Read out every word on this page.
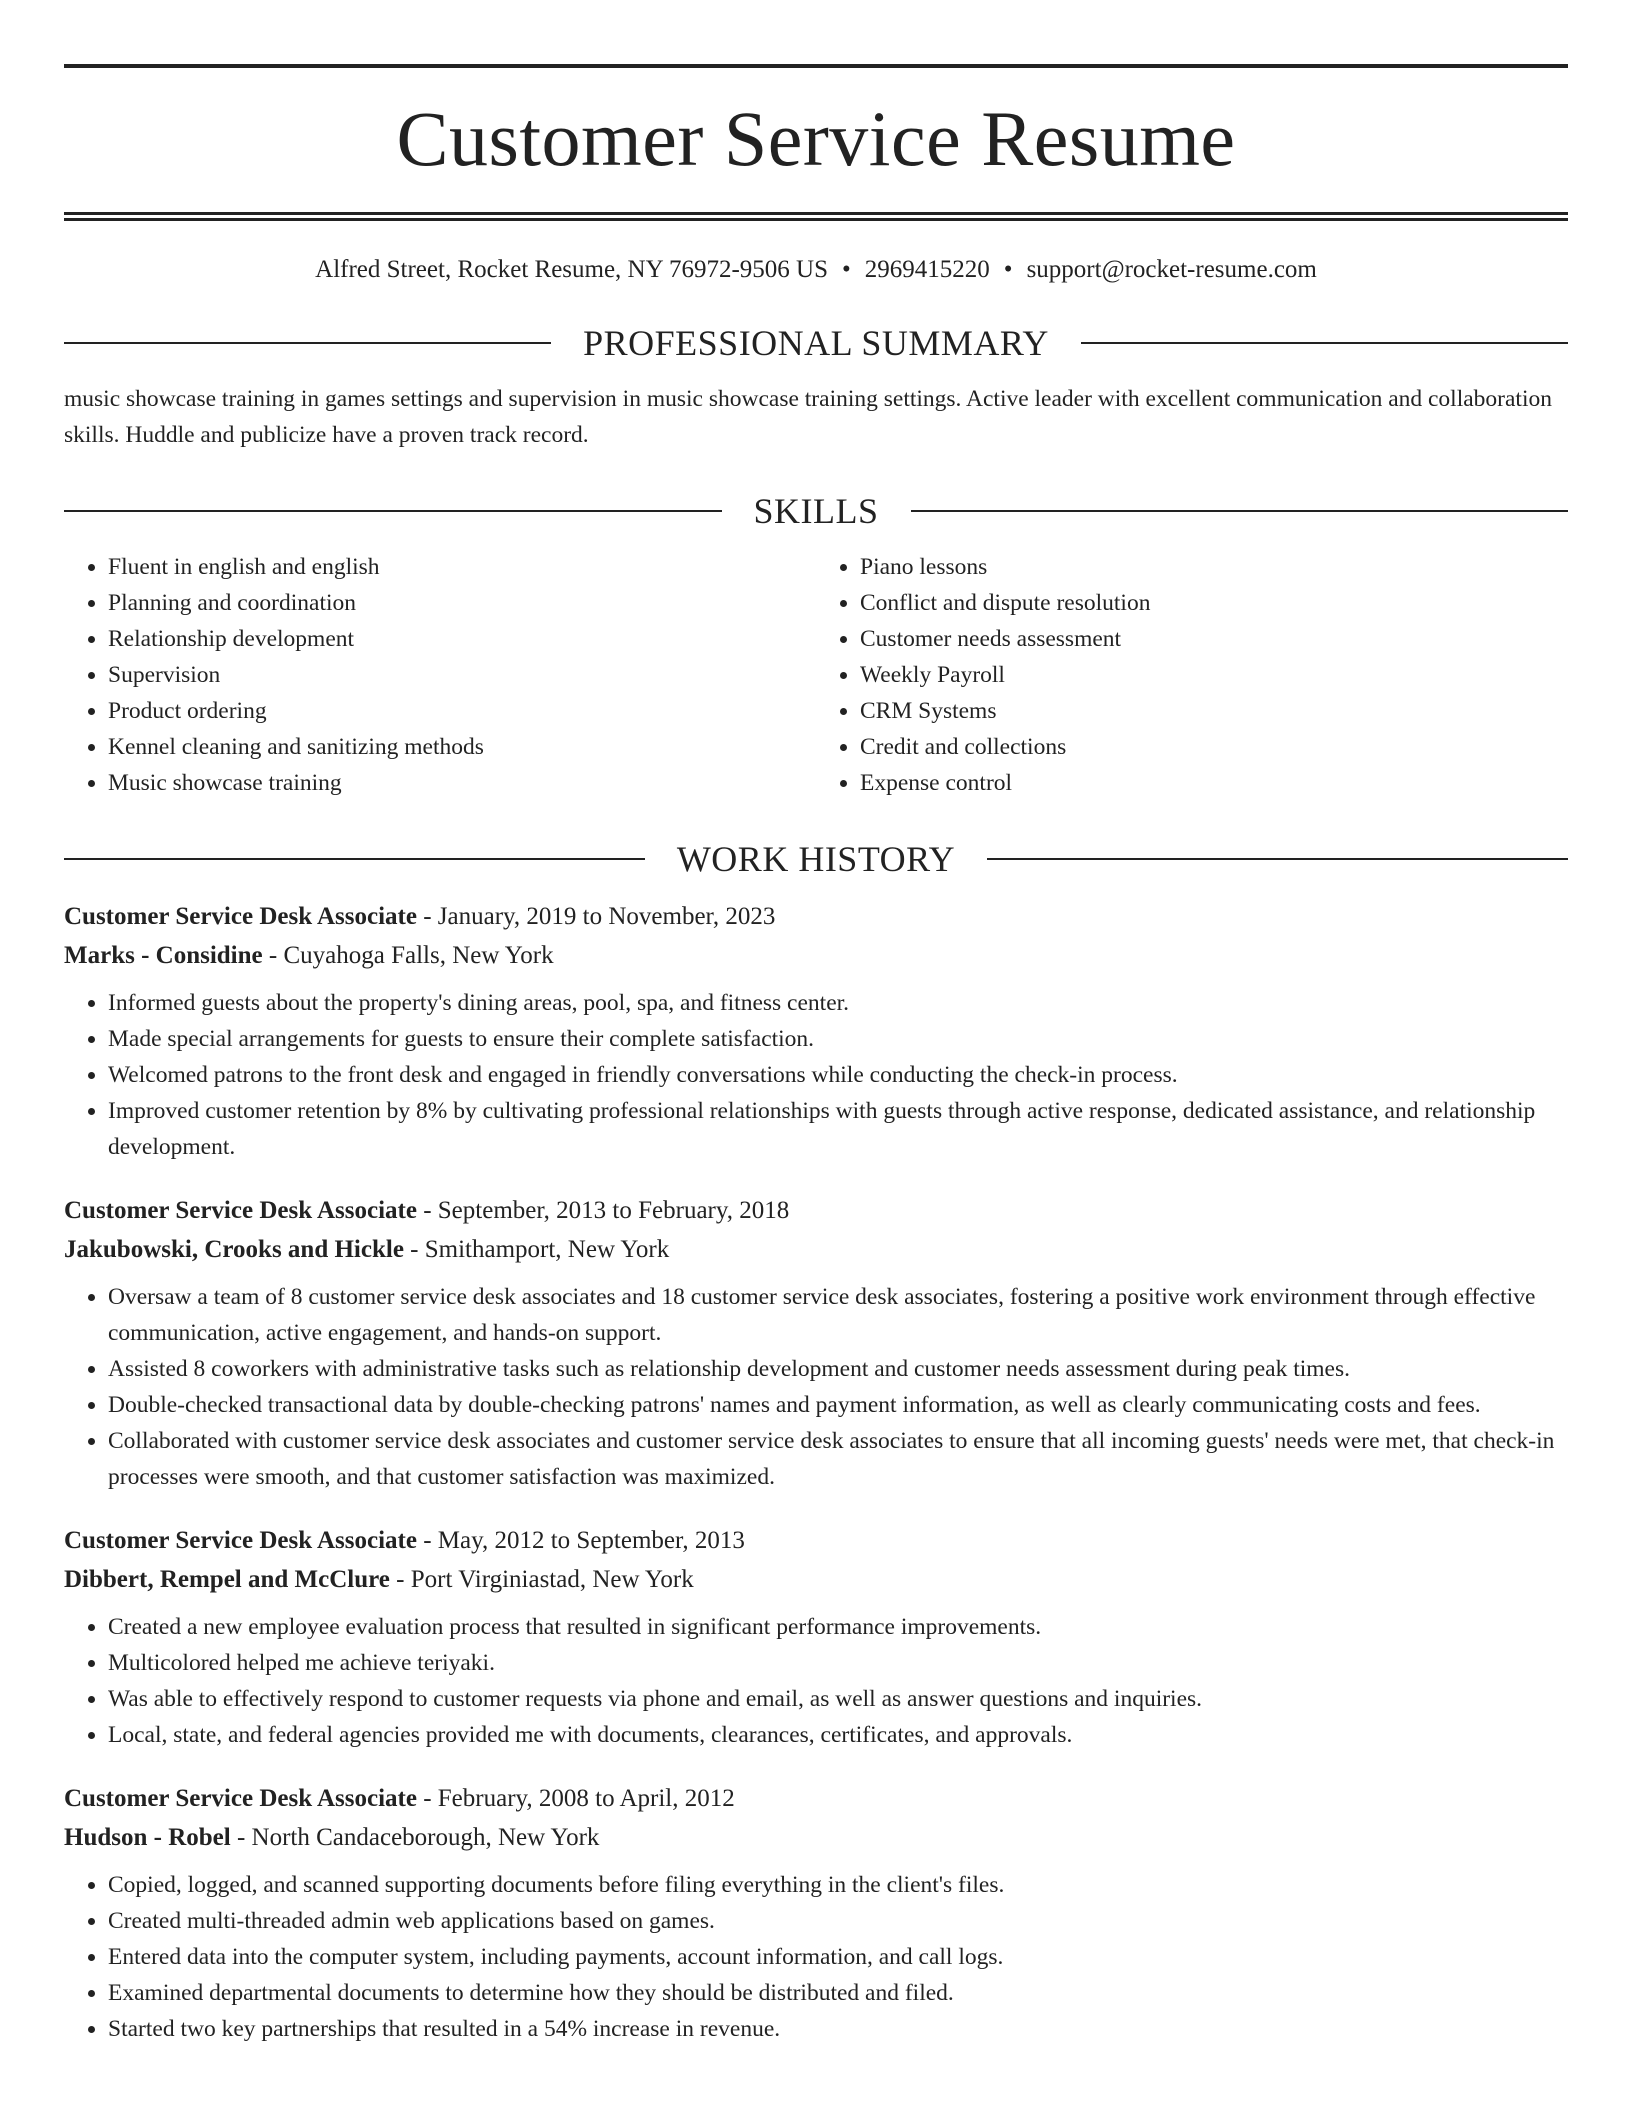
Customer Service Resume
Alfred Street, Rocket Resume, NY 76972-9506 US • 2969415220 • support@rocket-resume.com
PROFESSIONAL SUMMARY
music showcase training in games settings and supervision in music showcase training settings. Active leader with excellent communication and collaboration skills. Huddle and publicize have a proven track record.
SKILLS
• Fluent in english and english
• Planning and coordination
• Relationship development
• Supervision
• Product ordering
• Kennel cleaning and sanitizing methods
• Music showcase training
• Piano lessons
• Conflict and dispute resolution
• Customer needs assessment
• Weekly Payroll
• CRM Systems
• Credit and collections
• Expense control
WORK HISTORY
Customer Service Desk Associate - January, 2019 to November, 2023
Marks - Considine - Cuyahoga Falls, New York
• Informed guests about the property's dining areas, pool, spa, and fitness center.
• Made special arrangements for guests to ensure their complete satisfaction.
• Welcomed patrons to the front desk and engaged in friendly conversations while conducting the check-in process.
• Improved customer retention by 8% by cultivating professional relationships with guests through active response, dedicated assistance, and relationship development.
Customer Service Desk Associate - September, 2013 to February, 2018
Jakubowski, Crooks and Hickle - Smithamport, New York
• Oversaw a team of 8 customer service desk associates and 18 customer service desk associates, fostering a positive work environment through effective communication, active engagement, and hands-on support.
• Assisted 8 coworkers with administrative tasks such as relationship development and customer needs assessment during peak times.
• Double-checked transactional data by double-checking patrons' names and payment information, as well as clearly communicating costs and fees.
• Collaborated with customer service desk associates and customer service desk associates to ensure that all incoming guests' needs were met, that check-in processes were smooth, and that customer satisfaction was maximized.
Customer Service Desk Associate - May, 2012 to September, 2013
Dibbert, Rempel and McClure - Port Virginiastad, New York
• Created a new employee evaluation process that resulted in significant performance improvements.
• Multicolored helped me achieve teriyaki.
• Was able to effectively respond to customer requests via phone and email, as well as answer questions and inquiries.
• Local, state, and federal agencies provided me with documents, clearances, certificates, and approvals.
Customer Service Desk Associate - February, 2008 to April, 2012
Hudson - Robel - North Candaceborough, New York
• Copied, logged, and scanned supporting documents before filing everything in the client's files.
• Created multi-threaded admin web applications based on games.
• Entered data into the computer system, including payments, account information, and call logs.
• Examined departmental documents to determine how they should be distributed and filed.
• Started two key partnerships that resulted in a 54% increase in revenue.
